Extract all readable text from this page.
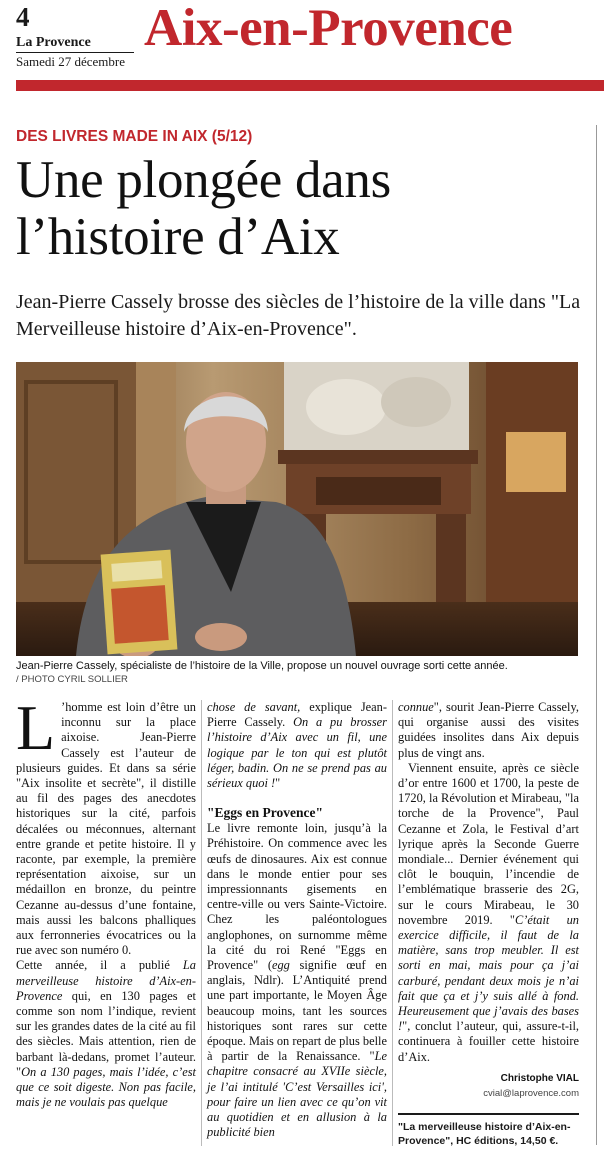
4
La Provence
Samedi 27 décembre
Aix-en-Provence
DES LIVRES MADE IN AIX (5/12)
Une plongée dans
l’histoire d’Aix
Jean-Pierre Cassely brosse des siècles de l’histoire de la ville dans "La Merveilleuse histoire d’Aix-en-Provence".
Jean-Pierre Cassely, spécialiste de l’histoire de la Ville, propose un nouvel ouvrage sorti cette année.
/ PHOTO CYRIL SOLLIER

L ’homme est loin d’être un inconnu sur la place aixoise. Jean-Pierre Cassely est l’auteur de plusieurs guides. Et dans sa série "Aix insolite et secrète", il distille au fil des pages des anecdotes historiques sur la cité, parfois décalées ou méconnues, alternant entre grande et petite histoire. Il y raconte, par exemple, la première représentation aixoise, sur un médaillon en bronze, du peintre Cezanne au-dessus d’une fontaine, mais aussi les balcons phalliques aux ferronneries évocatrices ou la rue avec son numéro 0.

Cette année, il a publié La merveilleuse histoire d’Aix-en-Provence qui, en 130 pages et comme son nom l’indique, revient sur les grandes dates de la cité au fil des siècles. Mais attention, rien de barbant là-dedans, promet l’auteur. "On a 130 pages, mais l’idée, c’est que ce soit digeste. Non pas facile, mais je ne voulais pas quelque

chose de savant, explique Jean-Pierre Cassely. On a pu brosser l’histoire d’Aix avec un fil, une logique par le ton qui est plutôt léger, badin. On ne se prend pas au sérieux quoi !"

"Eggs en Provence"

Le livre remonte loin, jusqu’à la Préhistoire. On commence avec les œufs de dinosaures. Aix est connue dans le monde entier pour ses impressionnants gisements en centre-ville ou vers Sainte-Victoire. Chez les paléontologues anglophones, on surnomme même la cité du roi René "Eggs en Provence" (egg signifie œuf en anglais, Ndlr). L’Antiquité prend une part importante, le Moyen Âge beaucoup moins, tant les sources historiques sont rares sur cette époque. Mais on repart de plus belle à partir de la Renaissance. "Le chapitre consacré au XVIIe siècle, je l’ai intitulé 'C’est Versailles ici', pour faire un lien avec ce qu’on vit au quotidien et en allusion à la publicité bien

connue", sourit Jean-Pierre Cassely, qui organise aussi des visites guidées insolites dans Aix depuis plus de vingt ans.

Viennent ensuite, après ce siècle d’or entre 1600 et 1700, la peste de 1720, la Révolution et Mirabeau, "la torche de la Provence", Paul Cezanne et Zola, le Festival d’art lyrique après la Seconde Guerre mondiale... Dernier événement qui clôt le bouquin, l’incendie de l’emblématique brasserie des 2G, sur le cours Mirabeau, le 30 novembre 2019. "C’était un exercice difficile, il faut de la matière, sans trop meubler. Il est sorti en mai, mais pour ça j’ai carburé, pendant deux mois je n’ai fait que ça et j’y suis allé à fond. Heureusement que j’avais des bases !", conclut l’auteur, qui, assure-t-il, continuera à fouiller cette histoire d’Aix.

Christophe VIAL
cvial@laprovence.com
"La merveilleuse histoire d’Aix-en-Provence", HC éditions, 14,50 €.
